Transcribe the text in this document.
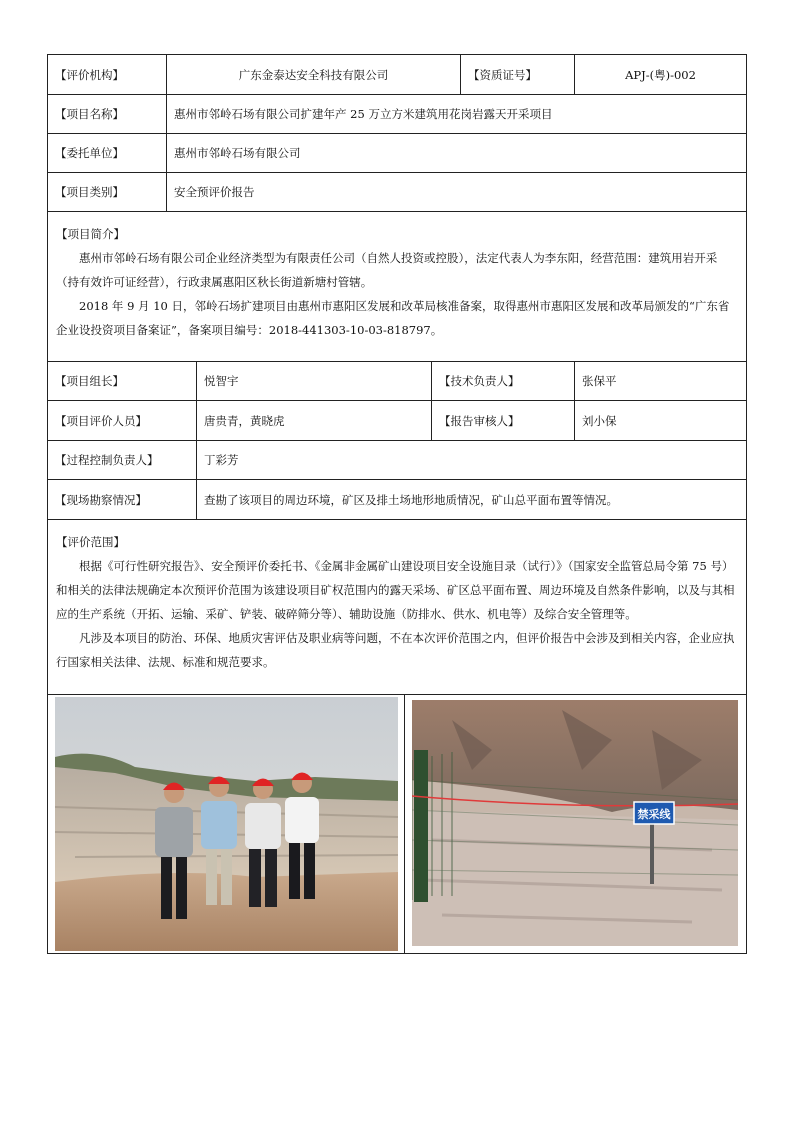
【评价机构】	广东金泰达安全科技有限公司	【资质证号】	APJ-(粤)-002
【项目名称】	惠州市邻岭石场有限公司扩建年产 25 万立方米建筑用花岗岩露天开采项目
【委托单位】	惠州市邻岭石场有限公司
【项目类别】	安全预评价报告

【项目简介】

惠州市邻岭石场有限公司企业经济类型为有限责任公司（自然人投资或控股），法定代表人为李东阳，经营范围：建筑用岩开采（持有效许可证经营），行政隶属惠阳区秋长街道新塘村管辖。

2018 年 9 月 10 日，邻岭石场扩建项目由惠州市惠阳区发展和改革局核准备案，取得惠州市惠阳区发展和改革局颁发的“广东省企业设投资项目备案证”，备案项目编号：2018-441303-10-03-818797。

【项目组长】	悦智宇	【技术负责人】	张保平
【项目评价人员】	唐贵青，黄晓虎	【报告审核人】	刘小保
【过程控制负责人】	丁彩芳
【现场勘察情况】	查勘了该项目的周边环境，矿区及排土场地形地质情况，矿山总平面布置等情况。

【评价范围】

根据《可行性研究报告》、安全预评价委托书、《金属非金属矿山建设项目安全设施目录（试行）》（国家安全监管总局令第 75 号）和相关的法律法规确定本次预评价范围为该建设项目矿权范围内的露天采场、矿区总平面布置、周边环境及自然条件影响，以及与其相应的生产系统（开拓、运输、采矿、铲装、破碎筛分等）、辅助设施（防排水、供水、机电等）及综合安全管理等。

凡涉及本项目的防治、环保、地质灾害评估及职业病等问题，不在本次评价范围之内，但评价报告中会涉及到相关内容，企业应执行国家相关法律、法规、标准和规范要求。

禁采线
